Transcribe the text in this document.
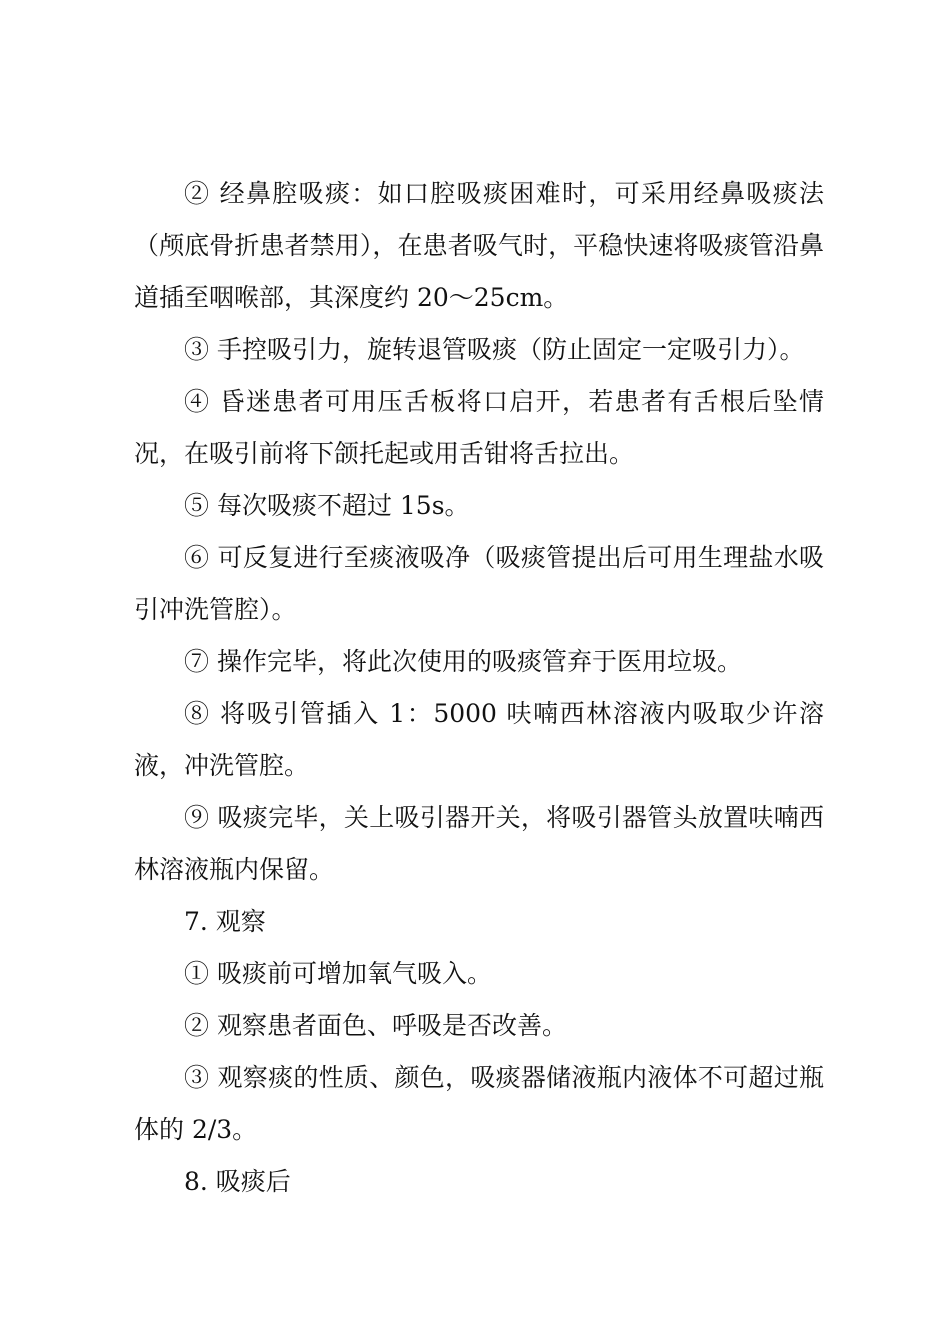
② 经鼻腔吸痰：如口腔吸痰困难时，可采用经鼻吸痰法（颅底骨折患者禁用），在患者吸气时，平稳快速将吸痰管沿鼻道插至咽喉部，其深度约 20～25cm。

③ 手控吸引力，旋转退管吸痰（防止固定一定吸引力）。

④ 昏迷患者可用压舌板将口启开，若患者有舌根后坠情况，在吸引前将下颌托起或用舌钳将舌拉出。

⑤ 每次吸痰不超过 15s。

⑥ 可反复进行至痰液吸净（吸痰管提出后可用生理盐水吸引冲洗管腔）。

⑦ 操作完毕，将此次使用的吸痰管弃于医用垃圾。

⑧ 将吸引管插入 1：5000 呋喃西林溶液内吸取少许溶液，冲洗管腔。

⑨ 吸痰完毕，关上吸引器开关，将吸引器管头放置呋喃西林溶液瓶内保留。

7. 观察

① 吸痰前可增加氧气吸入。

② 观察患者面色、呼吸是否改善。

③ 观察痰的性质、颜色，吸痰器储液瓶内液体不可超过瓶体的 2/3。

8. 吸痰后
